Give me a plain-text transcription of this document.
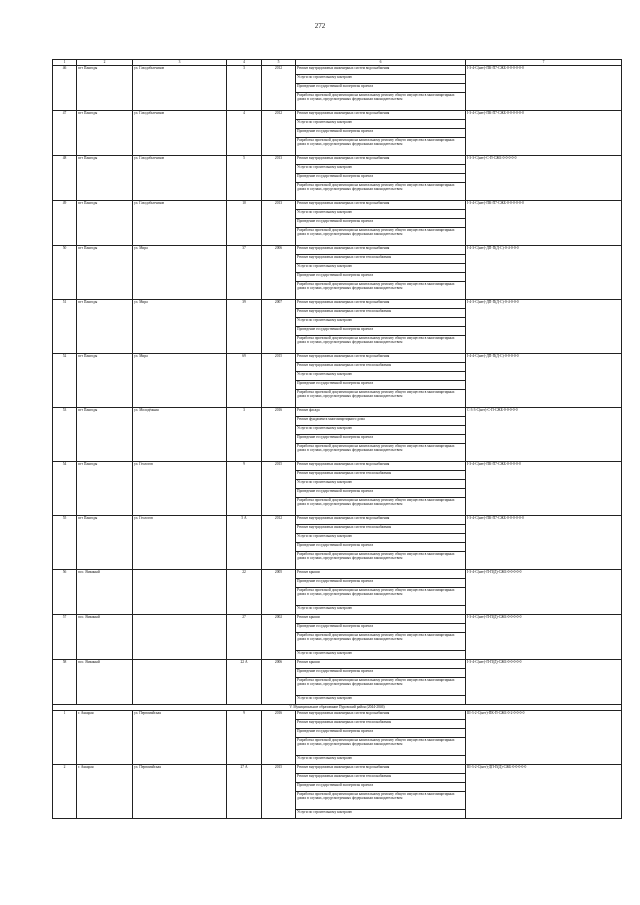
272
1	2	3	4	5	6	7
46	пгт Пангоды	ул. Газодобытчиков	3	2012	Ремонт внутридомовых инженерных систем водоснабжения	I-3-4-С(нег)-ПК-П7-СЖБ-0-0-0-0-0-0
					Услуги по строительному контролю	
					Проведение государственной экспертизы проекта	
					Разработка проектной документации на капитальному ремонту общего имущества в многоквартирных домах в случаях, предусмотренных федеральным законодательством	
47	пгт Пангоды	ул. Газодобытчиков	4	2012	Ремонт внутридомовых инженерных систем водоснабжения	I-3-4-С(нег)-ПК-П7-СЖБ-0-0-0-0-0-0
					Услуги по строительному контролю	
					Проведение государственной экспертизы проекта	
					Разработка проектной документации на капитальному ремонту общего имущества в многоквартирных домах в случаях, предусмотренных федеральным законодательством	
48	пгт Пангоды	ул. Газодобытчиков	5	2013	Ремонт внутридомовых инженерных систем водоснабжения	I-3-3-С(нег)-С-П-СЖБ-0-0-0-0-0
					Услуги по строительному контролю	
					Проведение государственной экспертизы проекта	
					Разработка проектной документации на капитальному ремонту общего имущества в многоквартирных домах в случаях, предусмотренных федеральным законодательством	
49	пгт Пангоды	ул. Газодобытчиков	10	2013	Ремонт внутридомовых инженерных систем водоснабжения	I-3-4-С(нег)-ПК-П7-СЖБ-0-0-0-0-0-0
					Услуги по строительному контролю	
					Проведение государственной экспертизы проекта	
					Разработка проектной документации на капитальному ремонту общего имущества в многоквартирных домах в случаях, предусмотренных федеральным законодательством	
50	пгт Пангоды	ул. Мира	37	2006	Ремонт внутридомовых инженерных систем водоснабжения	I-4-3-С(нег)-ДП-П(Д-С)-0-4-0-0-0
					Ремонт внутридомовых инженерных систем теплоснабжения	
					Услуги по строительному контролю	
					Проведение государственной экспертизы проекта	
					Разработка проектной документации на капитальному ремонту общего имущества в многоквартирных домах в случаях, предусмотренных федеральным законодательством	
51	пгт Пангоды	ул. Мира	39	2007	Ремонт внутридомовых инженерных систем водоснабжения	I-4-3-С(нег)-ДП-П(Д-С)-0-4-0-0-0
					Ремонт внутридомовых инженерных систем теплоснабжения	
					Услуги по строительному контролю	
					Проведение государственной экспертизы проекта	
					Разработка проектной документации на капитальному ремонту общего имущества в многоквартирных домах в случаях, предусмотренных федеральным законодательством	
52	пгт Пангоды	ул. Мира	69	2015	Ремонт внутридомовых инженерных систем водоснабжения	I-4-4-С(нег)-ДП-П(Д-С)-0-0-0-0-0
					Ремонт внутридомовых инженерных систем теплоснабжения	
					Услуги по строительному контролю	
					Проведение государственной экспертизы проекта	
					Разработка проектной документации на капитальному ремонту общего имущества в многоквартирных домах в случаях, предусмотренных федеральным законодательством	
53	пгт Пангоды	ул. Молодёжная	3	2016	Ремонт фасада	С-3-3-С(нег)-С-П-СЖБ-0-0-0-0-0
					Ремонт фундамента многоквартирного дома	
					Услуги по строительному контролю	
					Проведение государственной экспертизы проекта	
					Разработка проектной документации на капитальному ремонту общего имущества в многоквартирных домах в случаях, предусмотренных федеральным законодательством	
54	пгт Пангоды	ул. Геологов	9	2015	Ремонт внутридомовых инженерных систем водоснабжения	I-3-4-С(нег)-ПК-П7-СЖБ-0-0-0-0-0
					Ремонт внутридомовых инженерных систем теплоснабжения	
					Услуги по строительному контролю	
					Проведение государственной экспертизы проекта	
					Разработка проектной документации на капитальному ремонту общего имущества в многоквартирных домах в случаях, предусмотренных федеральным законодательством	
55	пгт Пангоды	ул. Геологов	5 А	2012	Ремонт внутридомовых инженерных систем водоснабжения	I-3-4-С(нег)-ПК-П7-СЖБ-0-0-0-0-0-0
					Ремонт внутридомовых инженерных систем теплоснабжения	
					Услуги по строительному контролю	
					Проведение государственной экспертизы проекта	
					Разработка проектной документации на капитальному ремонту общего имущества в многоквартирных домах в случаях, предусмотренных федеральным законодательством	
56	пос. Ямкиный		22	2005	Ремонт крыши	I-3-4-С(нег)-П-П(Д)-СЖБ-0-0-0-0-0
					Проведение государственной экспертизы проекта	
					Разработка проектной документации на капитальному ремонту общего имущества в многоквартирных домах в случаях, предусмотренных федеральным законодательством	
					Услуги по строительному контролю	
57	пос. Ямкиный		27	2002	Ремонт крыши	I-3-4-С(нег)-П-П(Д)-СЖБ-0-0-0-0-0
					Проведение государственной экспертизы проекта	
					Разработка проектной документации на капитальному ремонту общего имущества в многоквартирных домах в случаях, предусмотренных федеральным законодательством	
					Услуги по строительному контролю	
58	пос. Ямкиный		22 А	2006	Ремонт крыши	I-3-4-С(нег)-П-П(Д)-СЖБ-0-0-0-0-0
					Проведение государственной экспертизы проекта	
					Разработка проектной документации на капитальному ремонту общего имущества в многоквартирных домах в случаях, предусмотренных федеральным законодательством	
					Услуги по строительному контролю	
V. Муниципальное образование Пуровский район (2044-2046)						
1	г. Аккарая	ул. Первомайская	9	2016	Ремонт внутридомовых инженерных систем водоснабжения	III-3-2-С(нег)-ПК-П-СЖБ-0-2-0-0-0-0
					Ремонт внутридомовых инженерных систем теплоснабжения	
					Проведение государственной экспертизы проекта	
					Разработка проектной документации на капитальному ремонту общего имущества в многоквартирных домах в случаях, предусмотренных федеральным законодательством	
					Услуги по строительному контролю	
2	г. Аккарая	ул. Первомайская	27 А	2015	Ремонт внутридомовых инженерных систем водоснабжения	III-3-2-С(нег)-ДП-П(Д)-СЖБ-0-0-0-0-0
					Ремонт внутридомовых инженерных систем теплоснабжения	
					Проведение государственной экспертизы проекта	
					Разработка проектной документации на капитальному ремонту общего имущества в многоквартирных домах в случаях, предусмотренных федеральным законодательством	
					Услуги по строительному контролю	
